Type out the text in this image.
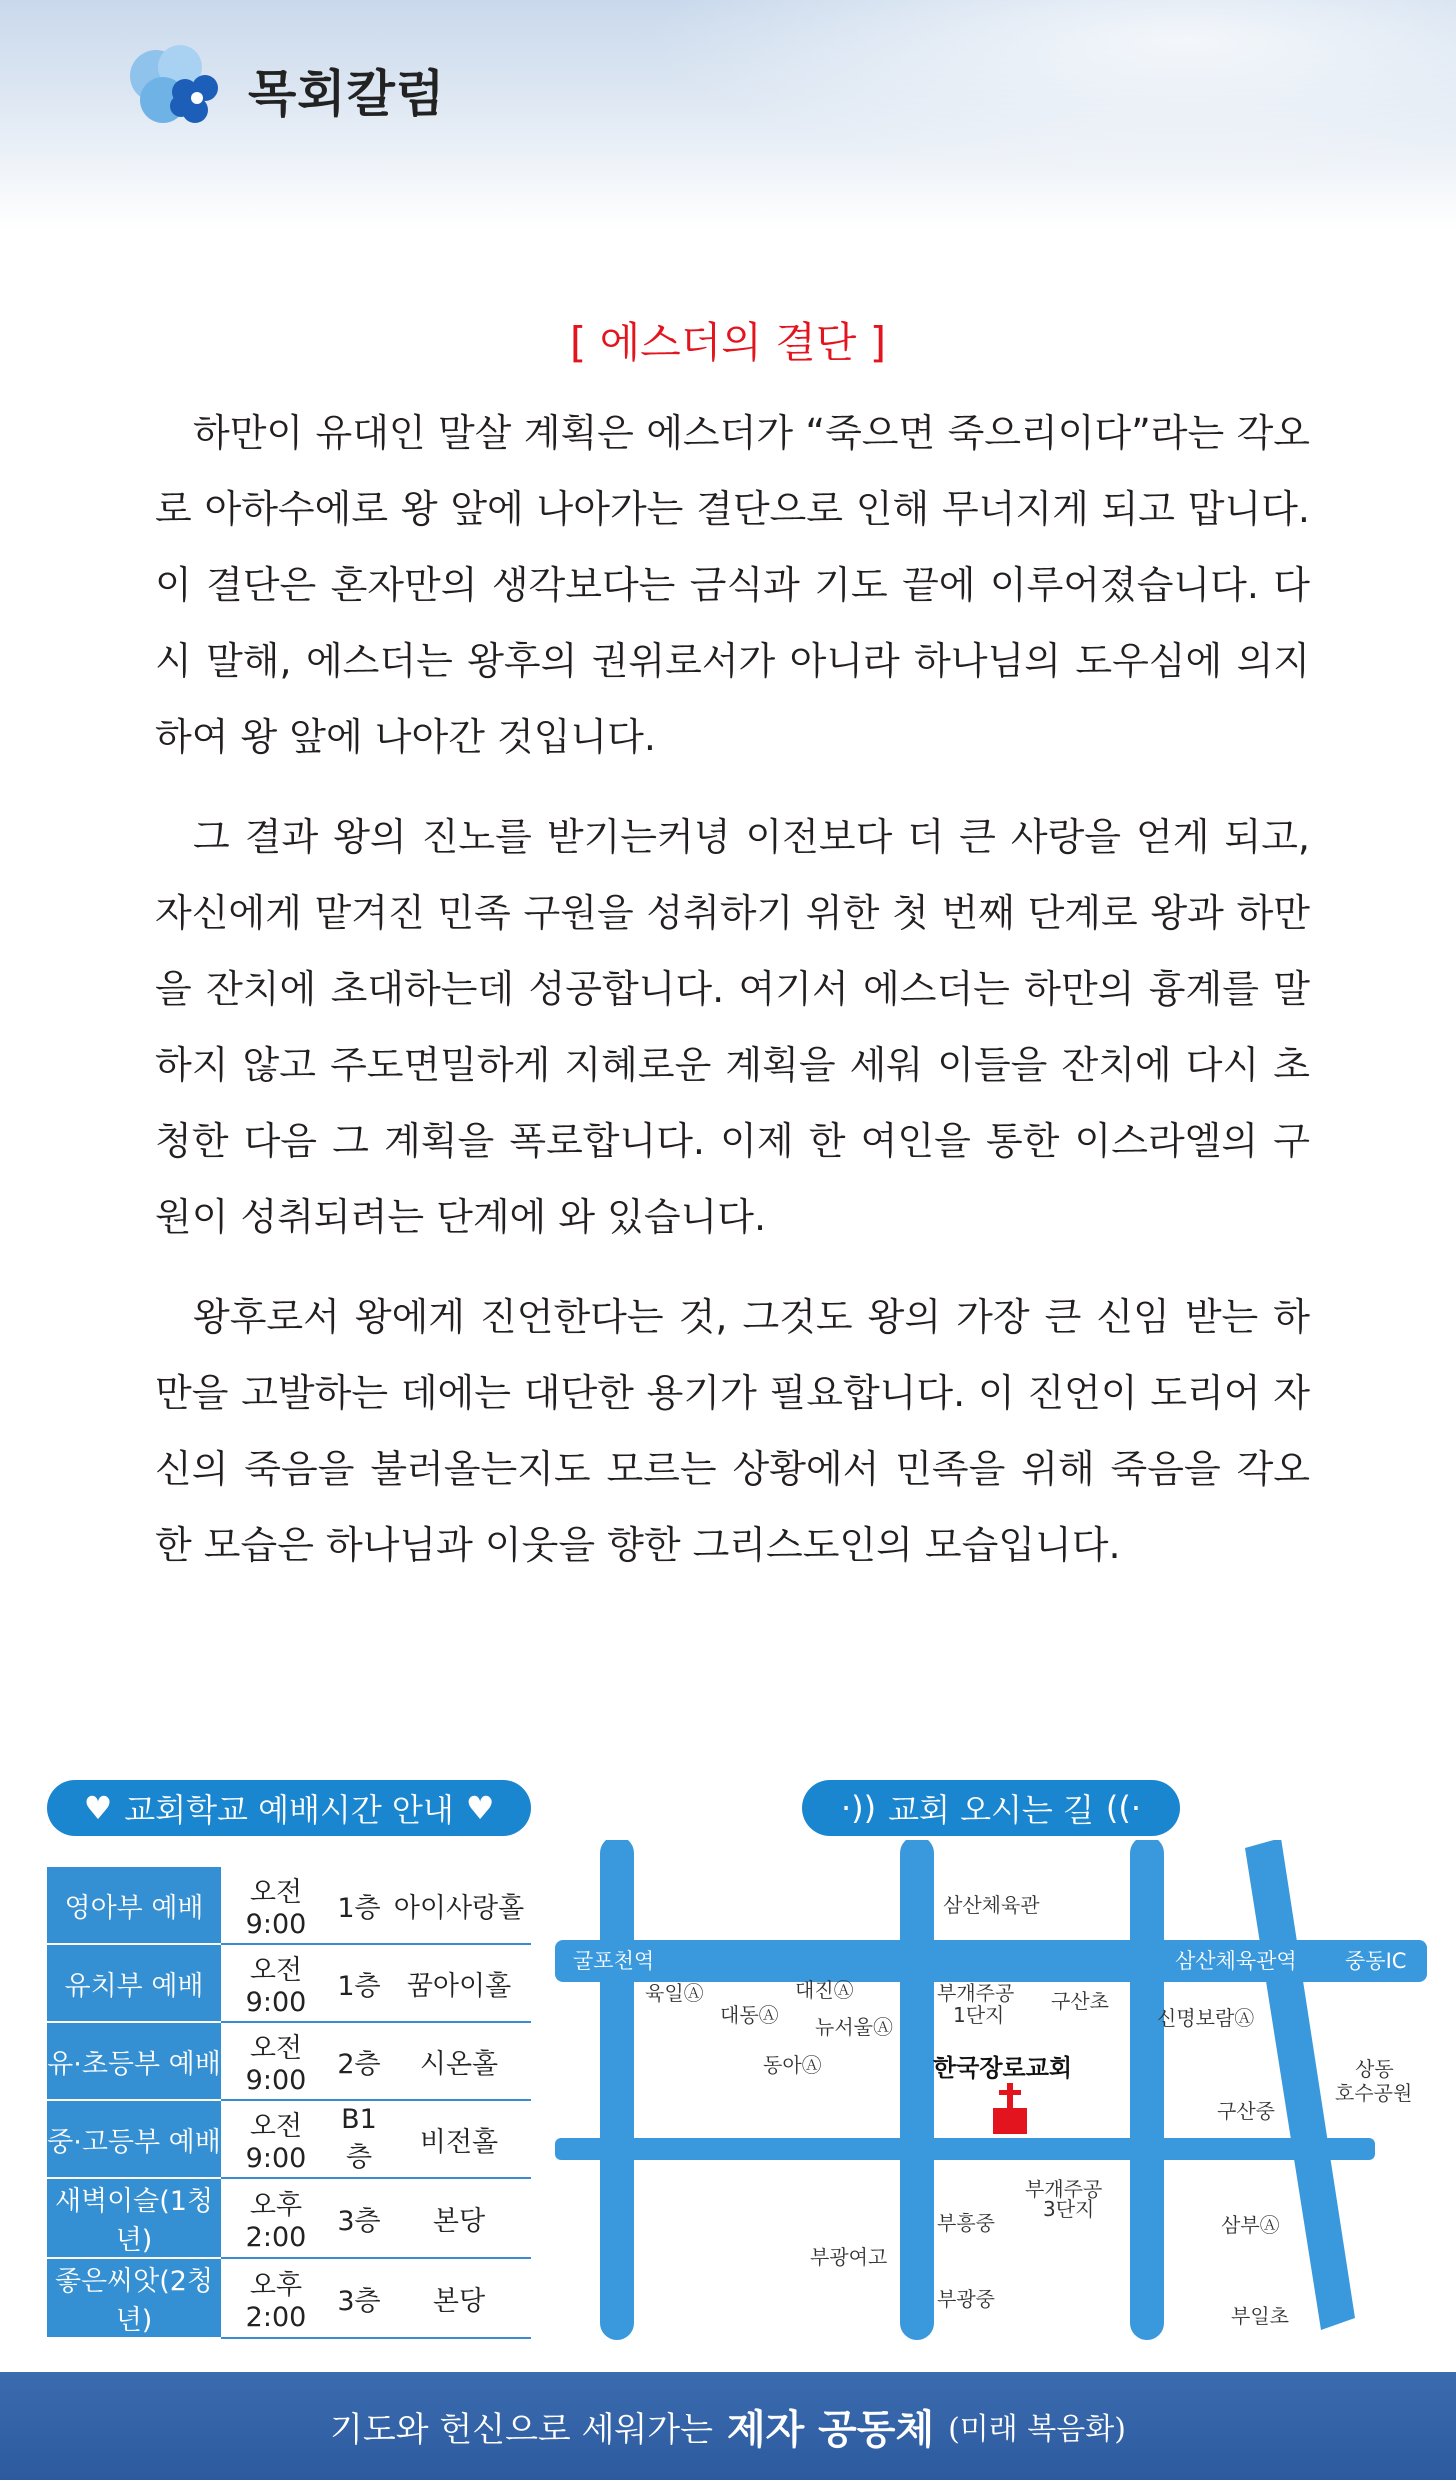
목회칼럼
[ 에스더의 결단 ]

하만이 유대인 말살 계획은 에스더가 “죽으면 죽으리이다”라는 각오로 아하수에로 왕 앞에 나아가는 결단으로 인해 무너지게 되고 맙니다. 이 결단은 혼자만의 생각보다는 금식과 기도 끝에 이루어졌습니다. 다시 말해, 에스더는 왕후의 권위로서가 아니라 하나님의 도우심에 의지하여 왕 앞에 나아간 것입니다.

그 결과 왕의 진노를 받기는커녕 이전보다 더 큰 사랑을 얻게 되고, 자신에게 맡겨진 민족 구원을 성취하기 위한 첫 번째 단계로 왕과 하만을 잔치에 초대하는데 성공합니다. 여기서 에스더는 하만의 흉계를 말하지 않고 주도면밀하게 지혜로운 계획을 세워 이들을 잔치에 다시 초청한 다음 그 계획을 폭로합니다. 이제 한 여인을 통한 이스라엘의 구원이 성취되려는 단계에 와 있습니다.

왕후로서 왕에게 진언한다는 것, 그것도 왕의 가장 큰 신임 받는 하만을 고발하는 데에는 대단한 용기가 필요합니다. 이 진언이 도리어 자신의 죽음을 불러올는지도 모르는 상황에서 민족을 위해 죽음을 각오한 모습은 하나님과 이웃을 향한 그리스도인의 모습입니다.

♥ 교회학교 예배시간 안내 ♥
영아부 예배	오전 9:00	1층	아이사랑홀
유치부 예배	오전 9:00	1층	꿈아이홀
유·초등부 예배	오전 9:00	2층	시온홀
중·고등부 예배	오전 9:00	B1층	비전홀
새벽이슬(1청년)	오후 2:00	3층	본당
좋은씨앗(2청년)	오후 2:00	3층	본당
·)) 교회 오시는 길 ((·
굴포천역	삼산체육관역 중동IC
삼산체육관
육일Ⓐ
대동Ⓐ
대진Ⓐ
뉴서울Ⓐ
동아Ⓐ
부개주공
1단지
구산초
신명보람Ⓐ
상동
호수공원
구산중
부개주공
3단지
부흥중
부광여고
삼부Ⓐ
부광중
부일초
한국장로교회
기도와 헌신으로 세워가는 제자 공동체 (미래 복음화)
